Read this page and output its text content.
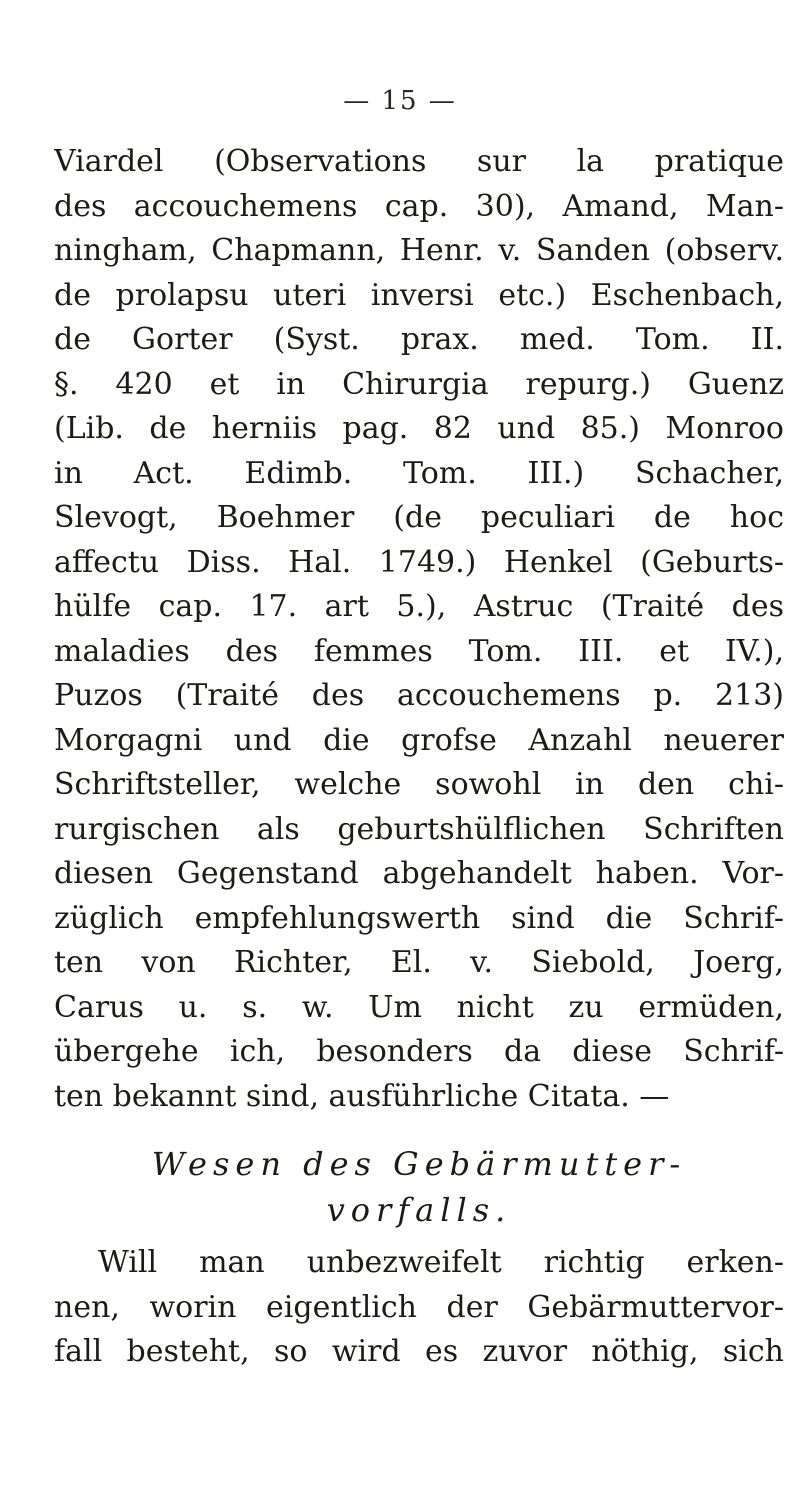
— 15 —
Viardel (Observations sur la pratique
des accouchemens cap. 30), Amand, Man-
ningham, Chapmann, Henr. v. Sanden (observ.
de prolapsu uteri inversi etc.) Eschenbach,
de Gorter (Syst. prax. med. Tom. II.
§. 420 et in Chirurgia repurg.) Guenz
(Lib. de herniis pag. 82 und 85.) Monroo
in Act. Edimb. Tom. III.) Schacher,
Slevogt, Boehmer (de peculiari de hoc
affectu Diss. Hal. 1749.) Henkel (Geburts-
hülfe cap. 17. art 5.), Astruc (Traité des
maladies des femmes Tom. III. et IV.),
Puzos (Traité des accouchemens p. 213)
Morgagni und die grofse Anzahl neuerer
Schriftsteller, welche sowohl in den chi-
rurgischen als geburtshülflichen Schriften
diesen Gegenstand abgehandelt haben. Vor-
züglich empfehlungswerth sind die Schrif-
ten von Richter, El. v. Siebold, Joerg,
Carus u. s. w. Um nicht zu ermüden,
übergehe ich, besonders da diese Schrif-
ten bekannt sind, ausführliche Citata. —
Wesen des Gebärmutter-
vorfalls.
Will man unbezweifelt richtig erken-
nen, worin eigentlich der Gebärmuttervor-
fall besteht, so wird es zuvor nöthig, sich
